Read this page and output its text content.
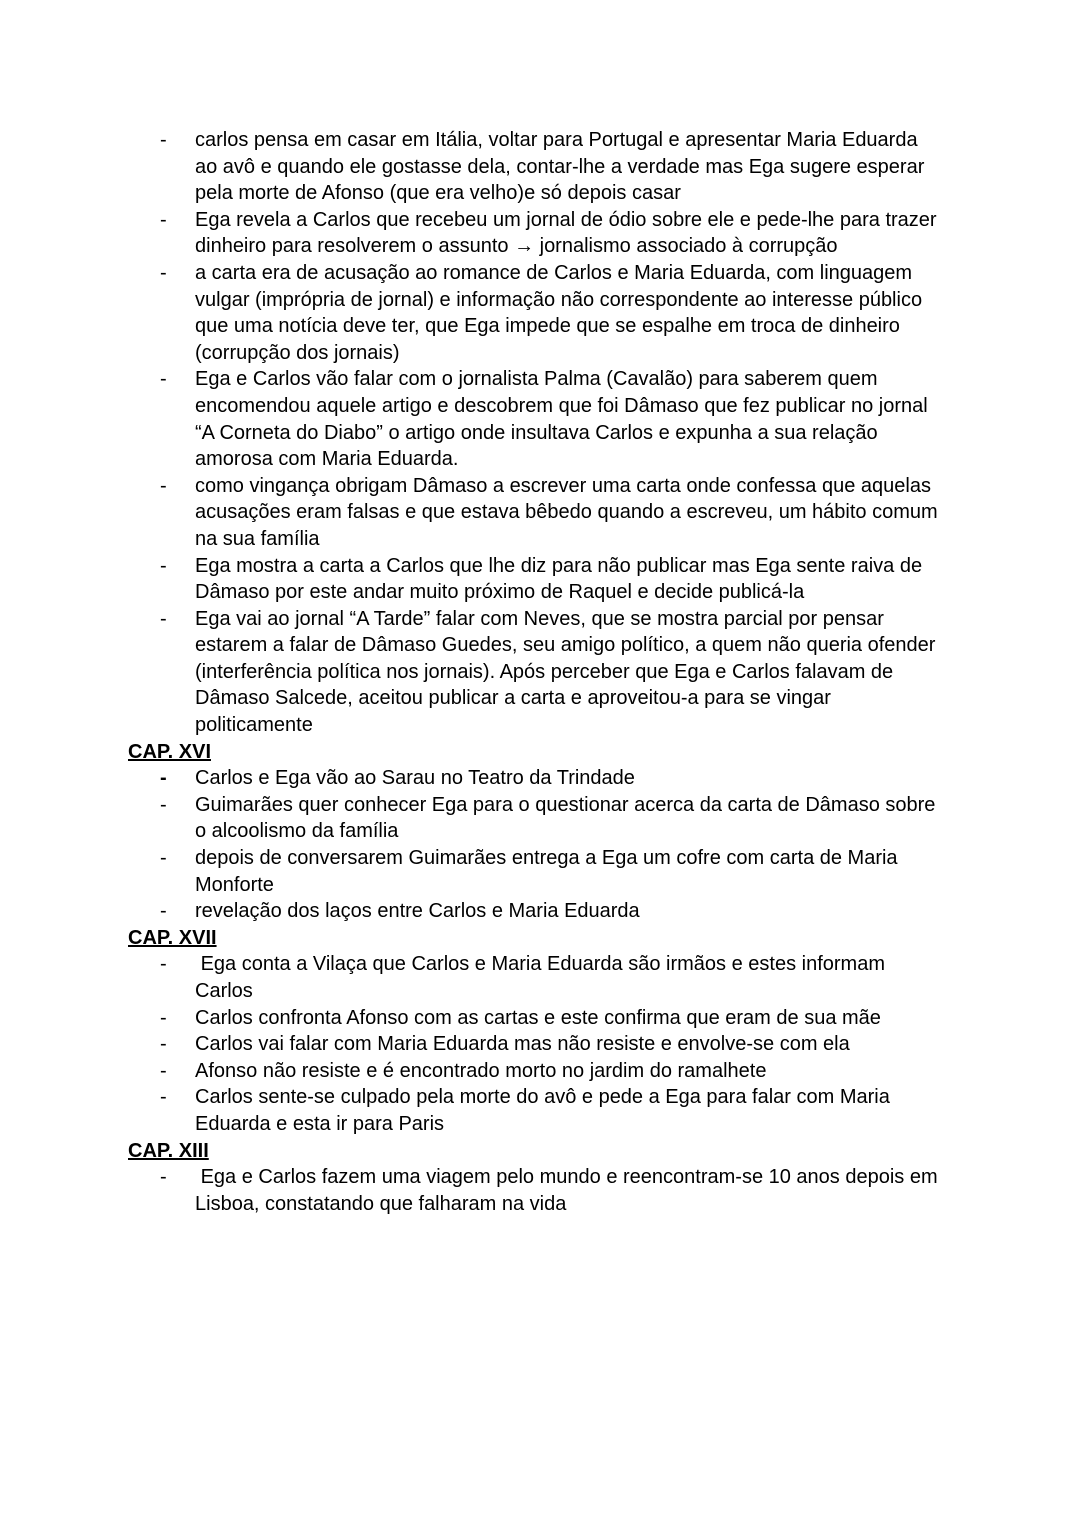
- carlos pensa em casar em Itália, voltar para Portugal e apresentar Maria Eduarda ao avô e quando ele gostasse dela, contar-lhe a verdade mas Ega sugere esperar pela morte de Afonso (que era velho)e só depois casar
- Ega revela a Carlos que recebeu um jornal de ódio sobre ele e pede-lhe para trazer dinheiro para resolverem o assunto → jornalismo associado à corrupção
- a carta era de acusação ao romance de Carlos e Maria Eduarda, com linguagem vulgar (imprópria de jornal) e informação não correspondente ao interesse público que uma notícia deve ter, que Ega impede que se espalhe em troca de dinheiro (corrupção dos jornais)
- Ega e Carlos vão falar com o jornalista Palma (Cavalão) para saberem quem encomendou aquele artigo e descobrem que foi Dâmaso que fez publicar no jornal “A Corneta do Diabo” o artigo onde insultava Carlos e expunha a sua relação amorosa com Maria Eduarda.
- como vingança obrigam Dâmaso a escrever uma carta onde confessa que aquelas acusações eram falsas e que estava bêbedo quando a escreveu, um hábito comum na sua família
- Ega mostra a carta a Carlos que lhe diz para não publicar mas Ega sente raiva de Dâmaso por este andar muito próximo de Raquel e decide publicá-la
- Ega vai ao jornal “A Tarde” falar com Neves, que se mostra parcial por pensar estarem a falar de Dâmaso Guedes, seu amigo político, a quem não queria ofender (interferência política nos jornais). Após perceber que Ega e Carlos falavam de Dâmaso Salcede, aceitou publicar a carta e aproveitou-a para se vingar politicamente
CAP. XVI
- Carlos e Ega vão ao Sarau no Teatro da Trindade
- Guimarães quer conhecer Ega para o questionar acerca da carta de Dâmaso sobre o alcoolismo da família
- depois de conversarem Guimarães entrega a Ega um cofre com carta de Maria Monforte
- revelação dos laços entre Carlos e Maria Eduarda
CAP. XVII
- Ega conta a Vilaça que Carlos e Maria Eduarda são irmãos e estes informam Carlos
- Carlos confronta Afonso com as cartas e este confirma que eram de sua mãe
- Carlos vai falar com Maria Eduarda mas não resiste e envolve-se com ela
- Afonso não resiste e é encontrado morto no jardim do ramalhete
- Carlos sente-se culpado pela morte do avô e pede a Ega para falar com Maria Eduarda e esta ir para Paris
CAP. XIII
- Ega e Carlos fazem uma viagem pelo mundo e reencontram-se 10 anos depois em Lisboa, constatando que falharam na vida
